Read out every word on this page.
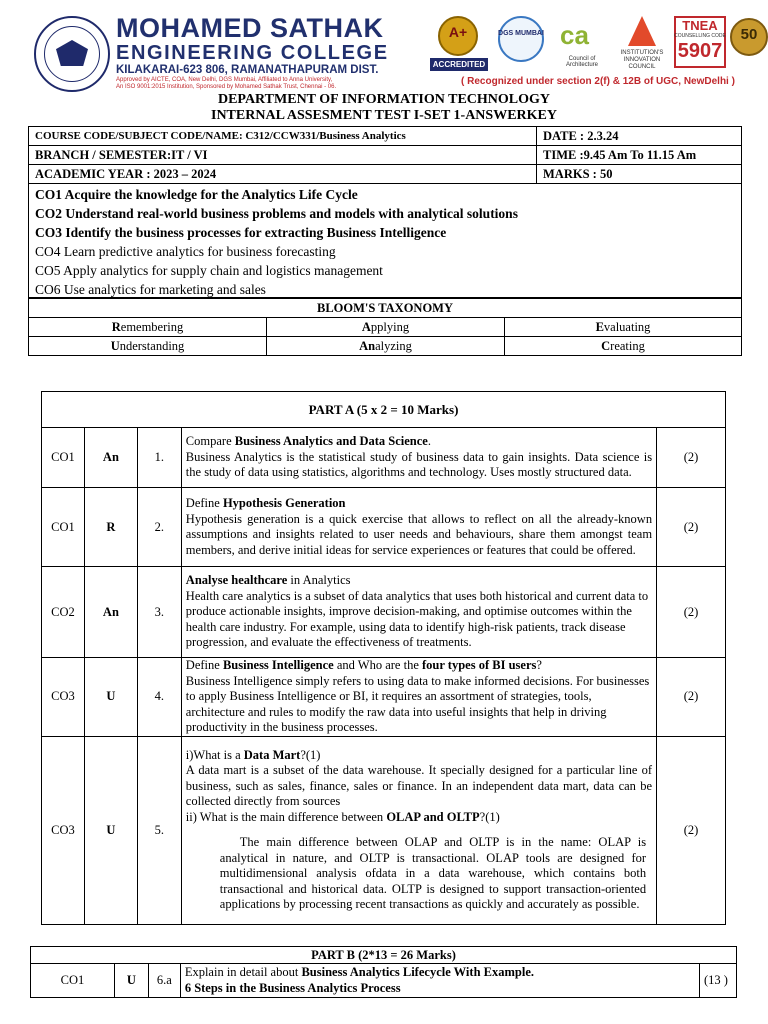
MOHAMED SATHAK
ENGINEERING COLLEGE
KILAKARAI-623 806, RAMANATHAPURAM DIST.
Approved by AICTE, COA, New Delhi, DGS Mumbai, Affiliated to Anna University,
An ISO 9001:2015 Institution, Sponsored by Mohamed Sathak Trust, Chennai - 06.
A+
ACCREDITED
DGS MUMBAI ca
Council of Architecture
INSTITUTION'S INNOVATION COUNCIL
TNEA
COUNSELLING CODE
5907
50
( Recognized under section 2(f) & 12B of UGC, NewDelhi )
DEPARTMENT OF INFORMATION TECHNOLOGY
INTERNAL ASSESMENT TEST I-SET 1-ANSWERKEY
COURSE CODE/SUBJECT CODE/NAME: C312/CCW331/Business Analytics	DATE : 2.3.24
BRANCH / SEMESTER:IT / VI	TIME :9.45 Am To 11.15 Am
ACADEMIC YEAR : 2023 – 2024	MARKS : 50
CO1 Acquire the knowledge for the Analytics Life Cycle
CO2 Understand real-world business problems and models with analytical solutions
CO3 Identify the business processes for extracting Business Intelligence
CO4 Learn predictive analytics for business forecasting
CO5 Apply analytics for supply chain and logistics management
CO6 Use analytics for marketing and sales
BLOOM'S TAXONOMY		
Remembering	Applying	Evaluating
Understanding	Analyzing	Creating
PART A (5 x 2 = 10 Marks)				
CO1	An	1.	Compare Business Analytics and Data Science.
Business Analytics is the statistical study of business data to gain insights. Data science is the study of data using statistics, algorithms and technology. Uses mostly structured data.	(2)
CO1	R	2.	Define Hypothesis Generation
Hypothesis generation is a quick exercise that allows to reflect on all the already-known assumptions and insights related to user needs and behaviours, share them amongst team members, and derive initial ideas for service experiences or features that could be offered.	(2)
CO2	An	3.	Analyse healthcare in Analytics
Health care analytics is a subset of data analytics that uses both historical and current data to produce actionable insights, improve decision-making, and optimise outcomes within the health care industry. For example, using data to identify high-risk patients, track disease progression, and evaluate the effectiveness of treatments.	(2)
CO3	U	4.	Define Business Intelligence and Who are the four types of BI users?
Business Intelligence simply refers to using data to make informed decisions. For businesses to apply Business Intelligence or BI, it requires an assortment of strategies, tools, architecture and rules to modify the raw data into useful insights that help in driving productivity in the business processes.	(2)
CO3	U	5.	i)What is a Data Mart?(1)
A data mart is a subset of the data warehouse. It specially designed for a particular line of business, such as sales, finance, sales or finance. In an independent data mart, data can be collected directly from sources
ii) What is the main difference between OLAP and OLTP?(1)
The main difference between OLAP and OLTP is in the name: OLAP is analytical in nature, and OLTP is transactional. OLAP tools are designed for multidimensional analysis ofdata in a data warehouse, which contains both transactional and historical data. OLTP is designed to support transaction-oriented applications by processing recent transactions as quickly and accurately as possible.	(2)
PART B (2*13 = 26 Marks)
CO1	U	6.a	Explain in detail about Business Analytics Lifecycle With Example.
6 Steps in the Business Analytics Process	(13 )
